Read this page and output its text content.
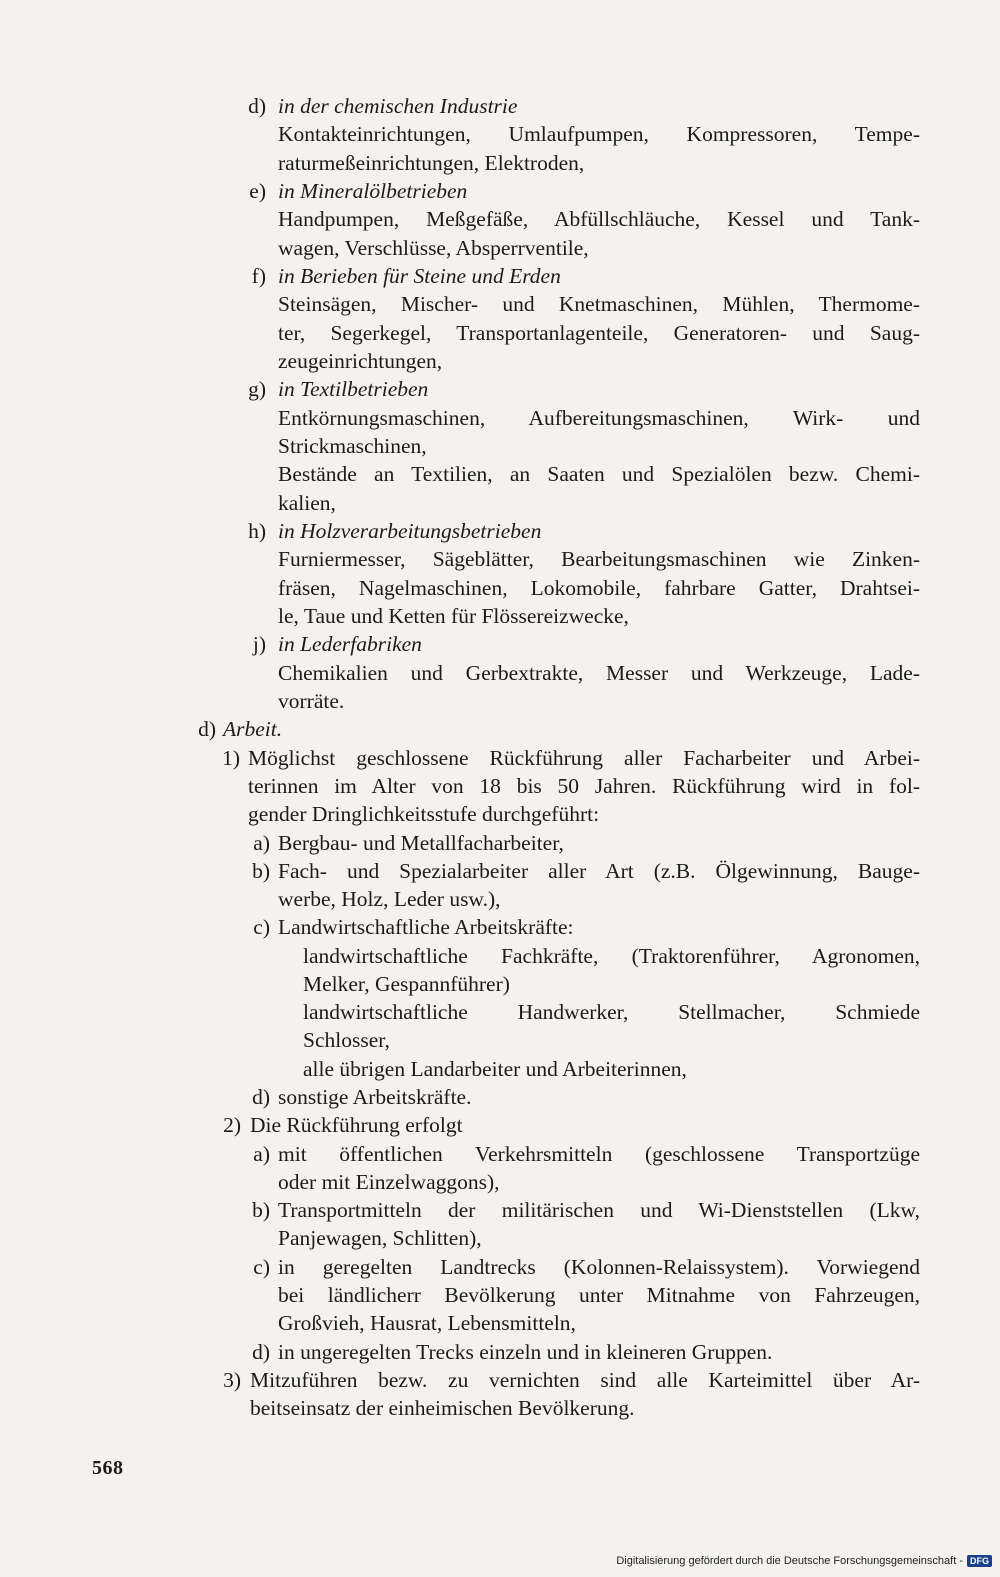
d) in der chemischen Industrie
Kontakteinrichtungen, Umlaufpumpen, Kompressoren, Tempe-
raturmeßeinrichtungen, Elektroden,
e) in Mineralölbetrieben
Handpumpen, Meßgefäße, Abfüllschläuche, Kessel und Tank-
wagen, Verschlüsse, Absperrventile,
f) in Berieben für Steine und Erden
Steinsägen, Mischer- und Knetmaschinen, Mühlen, Thermome-
ter, Segerkegel, Transportanlagenteile, Generatoren- und Saug-
zeugeinrichtungen,
g) in Textilbetrieben
Entkörnungsmaschinen, Aufbereitungsmaschinen, Wirk- und
Strickmaschinen,
Bestände an Textilien, an Saaten und Spezialölen bezw. Chemi-
kalien,
h) in Holzverarbeitungsbetrieben
Furniermesser, Sägeblätter, Bearbeitungsmaschinen wie Zinken-
fräsen, Nagelmaschinen, Lokomobile, fahrbare Gatter, Drahtsei-
le, Taue und Ketten für Flössereizwecke,
j) in Lederfabriken
Chemikalien und Gerbextrakte, Messer und Werkzeuge, Lade-
vorräte.
d) Arbeit.
1) Möglichst geschlossene Rückführung aller Facharbeiter und Arbei-
terinnen im Alter von 18 bis 50 Jahren. Rückführung wird in fol-
gender Dringlichkeitsstufe durchgeführt:
a) Bergbau- und Metallfacharbeiter,
b) Fach- und Spezialarbeiter aller Art (z.B. Ölgewinnung, Bauge-
werbe, Holz, Leder usw.),
c) Landwirtschaftliche Arbeitskräfte:
landwirtschaftliche Fachkräfte, (Traktorenführer, Agronomen,
Melker, Gespannführer)
landwirtschaftliche Handwerker, Stellmacher, Schmiede
Schlosser,
alle übrigen Landarbeiter und Arbeiterinnen,
d) sonstige Arbeitskräfte.
2) Die Rückführung erfolgt
a) mit öffentlichen Verkehrsmitteln (geschlossene Transportzüge
oder mit Einzelwaggons),
b) Transportmitteln der militärischen und Wi-Dienststellen (Lkw,
Panjewagen, Schlitten),
c) in geregelten Landtrecks (Kolonnen-Relaissystem). Vorwiegend
bei ländlicherr Bevölkerung unter Mitnahme von Fahrzeugen,
Großvieh, Hausrat, Lebensmitteln,
d) in ungeregelten Trecks einzeln und in kleineren Gruppen.
3) Mitzuführen bezw. zu vernichten sind alle Karteimittel über Ar-
beitseinsatz der einheimischen Bevölkerung.
568
Digitalisierung gefördert durch die Deutsche Forschungsgemeinschaft - DFG
